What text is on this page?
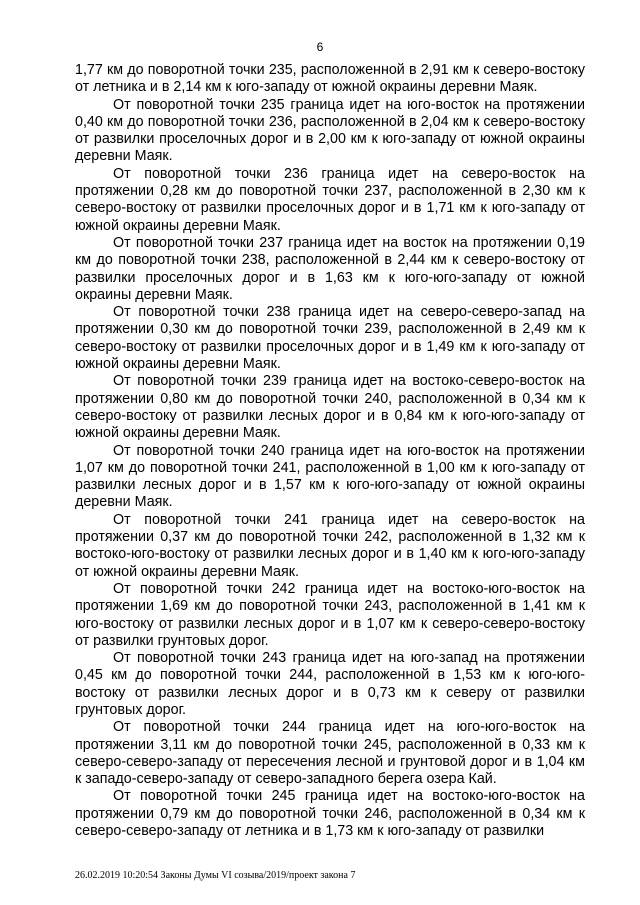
6

1,77 км до поворотной точки 235, расположенной в 2,91 км к северо-востоку от летника и в 2,14 км к юго-западу от южной окраины деревни Маяк.

От поворотной точки 235 граница идет на юго-восток на протяжении 0,40 км до поворотной точки 236, расположенной в 2,04 км к северо-востоку от развилки проселочных дорог и в 2,00 км к юго-западу от южной окраины деревни Маяк.

От поворотной точки 236 граница идет на северо-восток на протяжении 0,28 км до поворотной точки 237, расположенной в 2,30 км к северо-востоку от развилки проселочных дорог и в 1,71 км к юго-западу от южной окраины деревни Маяк.

От поворотной точки 237 граница идет на восток на протяжении 0,19 км до поворотной точки 238, расположенной в 2,44 км к северо-востоку от развилки проселочных дорог и в 1,63 км к юго-юго-западу от южной окраины деревни Маяк.

От поворотной точки 238 граница идет на северо-северо-запад на протяжении 0,30 км до поворотной точки 239, расположенной в 2,49 км к северо-востоку от развилки проселочных дорог и в 1,49 км к юго-западу от южной окраины деревни Маяк.

От поворотной точки 239 граница идет на востоко-северо-восток на протяжении 0,80 км до поворотной точки 240, расположенной в 0,34 км к северо-востоку от развилки лесных дорог и в 0,84 км к юго-юго-западу от южной окраины деревни Маяк.

От поворотной точки 240 граница идет на юго-восток на протяжении 1,07 км до поворотной точки 241, расположенной в 1,00 км к юго-западу от развилки лесных дорог и в 1,57 км к юго-юго-западу от южной окраины деревни Маяк.

От поворотной точки 241 граница идет на северо-восток на протяжении 0,37 км до поворотной точки 242, расположенной в 1,32 км к востоко-юго-востоку от развилки лесных дорог и в 1,40 км к юго-юго-западу от южной окраины деревни Маяк.

От поворотной точки 242 граница идет на востоко-юго-восток на протяжении 1,69 км до поворотной точки 243, расположенной в 1,41 км к юго-востоку от развилки лесных дорог и в 1,07 км к северо-северо-востоку от развилки грунтовых дорог.

От поворотной точки 243 граница идет на юго-запад на протяжении 0,45 км до поворотной точки 244, расположенной в 1,53 км к юго-юго-востоку от развилки лесных дорог и в 0,73 км к северу от развилки грунтовых дорог.

От поворотной точки 244 граница идет на юго-юго-восток на протяжении 3,11 км до поворотной точки 245, расположенной в 0,33 км к северо-северо-западу от пересечения лесной и грунтовой дорог и в 1,04 км к западо-северо-западу от северо-западного берега озера Кай.

От поворотной точки 245 граница идет на востоко-юго-восток на протяжении 0,79 км до поворотной точки 246, расположенной в 0,34 км к северо-северо-западу от летника и в 1,73 км к юго-западу от развилки

26.02.2019 10:20:54 Законы Думы VI созыва/2019/проект закона 7
